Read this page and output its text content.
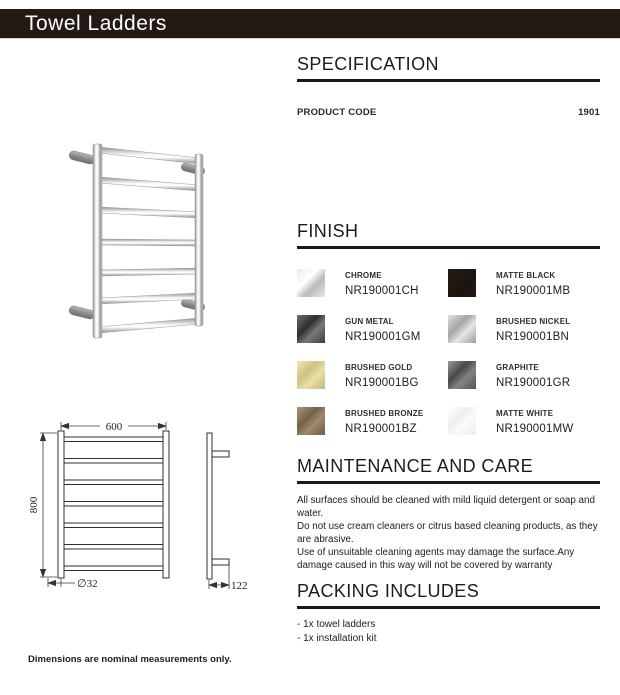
Towel Ladders
600
800
∅32	122
Dimensions are nominal measurements only.
SPECIFICATION
PRODUCT CODE	1901
FINISH
CHROME
NR190001CH
MATTE BLACK
NR190001MB
GUN METAL
NR190001GM
BRUSHED NICKEL
NR190001BN
BRUSHED GOLD
NR190001BG
GRAPHITE
NR190001GR
BRUSHED BRONZE
NR190001BZ
MATTE WHITE
NR190001MW
MAINTENANCE AND CARE

All surfaces should be cleaned with mild liquid detergent or soap and water.

Do not use cream cleaners or citrus based cleaning products, as they are abrasive.

Use of unsuitable cleaning agents may damage the surface.Any damage caused in this way will not be covered by warranty

PACKING INCLUDES
- 1x towel ladders
- 1x installation kit
